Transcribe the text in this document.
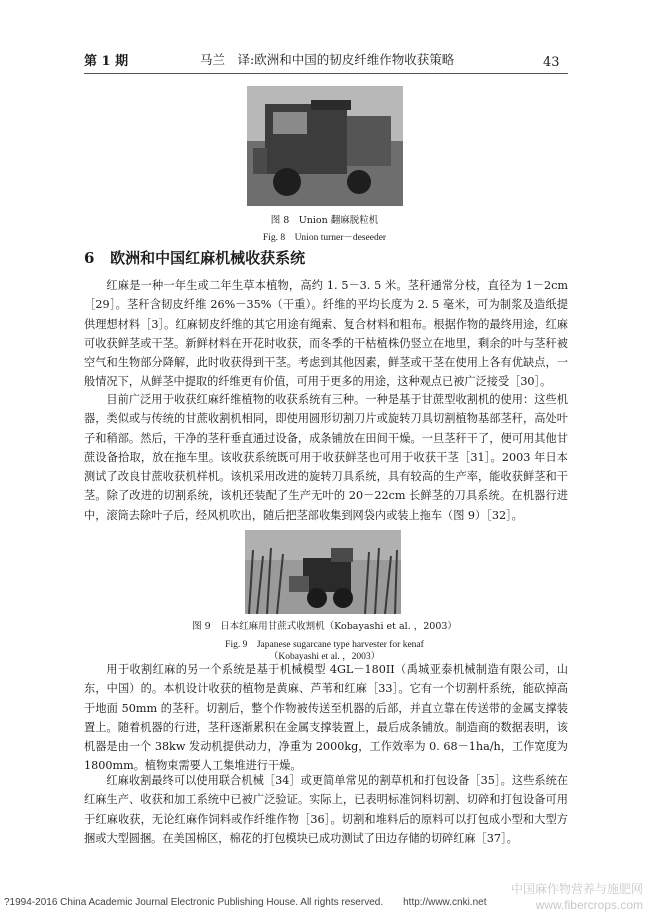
第 1 期	马兰　译:欧洲和中国的韧皮纤维作物收获策略	43
图 8　Union 翻麻脱粒机
Fig. 8　Union turner－deseeder
6 欧洲和中国红麻机械收获系统

红麻是一种一年生或二年生草本植物，高约 1. 5－3. 5 米。茎秆通常分枝，直径为 1－2cm［29］。茎秆含韧皮纤维 26%－35%（干重）。纤维的平均长度为 2. 5 毫米，可为制浆及造纸提供理想材料［3］。红麻韧皮纤维的其它用途有绳索、复合材料和粗布。根据作物的最终用途，红麻可收获鲜茎或干茎。新鲜材料在开花时收获，而冬季的干枯植株仍竖立在地里，剩余的叶与茎秆被空气和生物部分降解，此时收获得到干茎。考虑到其他因素，鲜茎或干茎在使用上各有优缺点，一般情况下，从鲜茎中提取的纤维更有价值，可用于更多的用途，这种观点已被广泛接受［30］。

目前广泛用于收获红麻纤维植物的收获系统有三种。一种是基于甘蔗型收割机的使用：这些机器，类似或与传统的甘蔗收割机相同，即使用圆形切割刀片或旋转刀具切割植物基部茎秆，高处叶子和稍部。然后，干净的茎秆垂直通过设备，成条铺放在田间干燥。一旦茎秆干了，便可用其他甘蔗设备拾取，放在拖车里。该收获系统既可用于收获鲜茎也可用于收获干茎［31］。2003 年日本测试了改良甘蔗收获机样机。该机采用改进的旋转刀具系统，具有较高的生产率，能收获鲜茎和干茎。除了改进的切割系统，该机还装配了生产无叶的 20－22cm 长鲜茎的刀具系统。在机器行进中，滚筒去除叶子后，经风机吹出，随后把茎部收集到网袋内或装上拖车（图 9）［32］。

图 9　日本红麻用甘蔗式收割机（Kobayashi et al. ，2003）
Fig. 9　Japanese sugarcane type harvester for kenaf
（Kobayashi et al. ，2003）

用于收割红麻的另一个系统是基于机械模型 4GL－180II（禹城亚泰机械制造有限公司，山东，中国）的。本机设计收获的植物是黄麻、芦苇和红麻［33］。它有一个切割杆系统，能砍掉高于地面 50mm 的茎秆。切割后，整个作物被传送至机器的后部，并直立靠在传送带的金属支撑装置上。随着机器的行进，茎秆逐渐累积在金属支撑装置上，最后成条铺放。制造商的数据表明，该机器是由一个 38kw 发动机提供动力，净重为 2000kg，工作效率为 0. 68－1ha/h，工作宽度为 1800mm。植物束需要人工集堆进行干燥。

红麻收割最终可以使用联合机械［34］或更简单常见的割草机和打包设备［35］。这些系统在红麻生产、收获和加工系统中已被广泛验证。实际上，已表明标准饲料切割、切碎和打包设备可用于红麻收获，无论红麻作饲料或作纤维作物［36］。切割和堆料后的原料可以打包成小型和大型方捆或大型圆捆。在美国棉区，棉花的打包模块已成功测试了田边存储的切碎红麻［37］。

?1994-2016 China Academic Journal Electronic Publishing House. All rights reserved.　　http://www.cnki.net
中国麻作物营养与施肥网
www.fibercrops.com
